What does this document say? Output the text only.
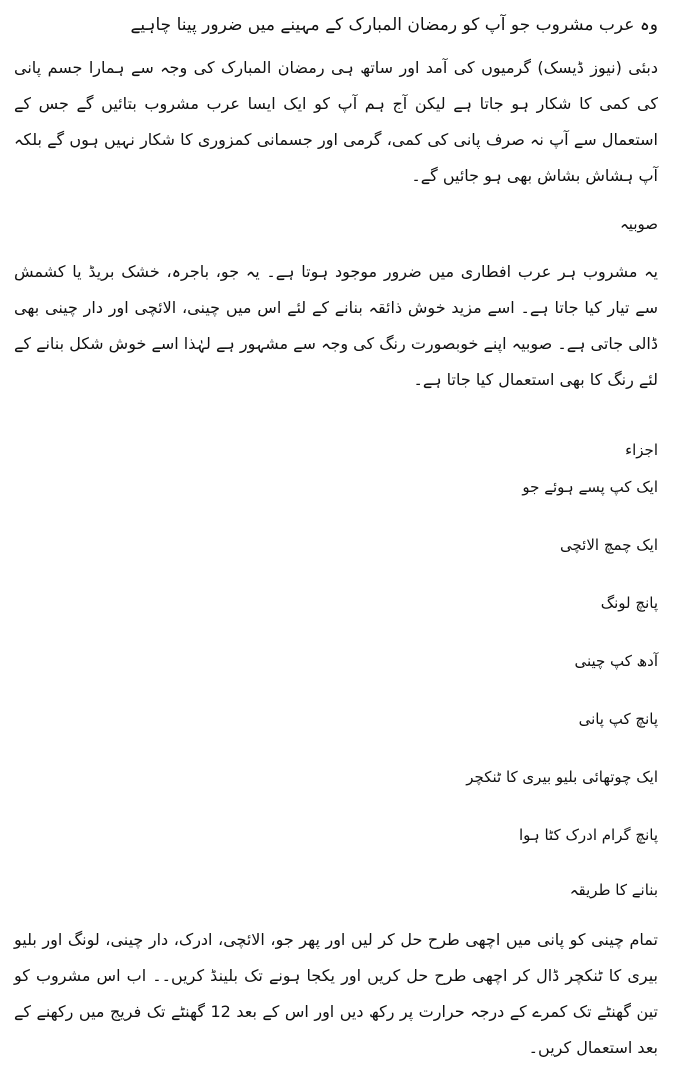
وہ عرب مشروب جو آپ کو رمضان المبارک کے مہینے میں ضرور پینا چاہیے

دبئی (نیوز ڈیسک) گرمیوں کی آمد اور ساتھ ہی رمضان المبارک کی وجہ سے ہمارا جسم پانی کی کمی کا شکار ہو جاتا ہے لیکن آج ہم آپ کو ایک ایسا عرب مشروب بتائیں گے جس کے استعمال سے آپ نہ صرف پانی کی کمی، گرمی اور جسمانی کمزوری کا شکار نہیں ہوں گے بلکہ آپ ہشاش بشاش بھی ہو جائیں گے۔

صوبیہ

یہ مشروب ہر عرب افطاری میں ضرور موجود ہوتا ہے۔ یہ جو، باجرہ، خشک بریڈ یا کشمش سے تیار کیا جاتا ہے۔ اسے مزید خوش ذائقہ بنانے کے لئے اس میں چینی، الائچی اور دار چینی بھی ڈالی جاتی ہے۔ صوبیہ اپنے خوبصورت رنگ کی وجہ سے مشہور ہے لہٰذا اسے خوش شکل بنانے کے لئے رنگ کا بھی استعمال کیا جاتا ہے۔

اجزاء

ایک کپ پسے ہوئے جو
ایک چمچ الائچی
پانچ لونگ
آدھ کپ چینی
پانچ کپ پانی
ایک چوتھائی بلیو بیری کا ٹنکچر
پانچ گرام ادرک کٹا ہوا

بنانے کا طریقہ

تمام چینی کو پانی میں اچھی طرح حل کر لیں اور پھر جو، الائچی، ادرک، دار چینی، لونگ اور بلیو بیری کا ٹنکچر ڈال کر اچھی طرح حل کریں اور یکجا ہونے تک بلینڈ کریں۔۔ اب اس مشروب کو تین گھنٹے تک کمرے کے درجہ حرارت پر رکھ دیں اور اس کے بعد 12 گھنٹے تک فریج میں رکھنے کے بعد استعمال کریں۔
